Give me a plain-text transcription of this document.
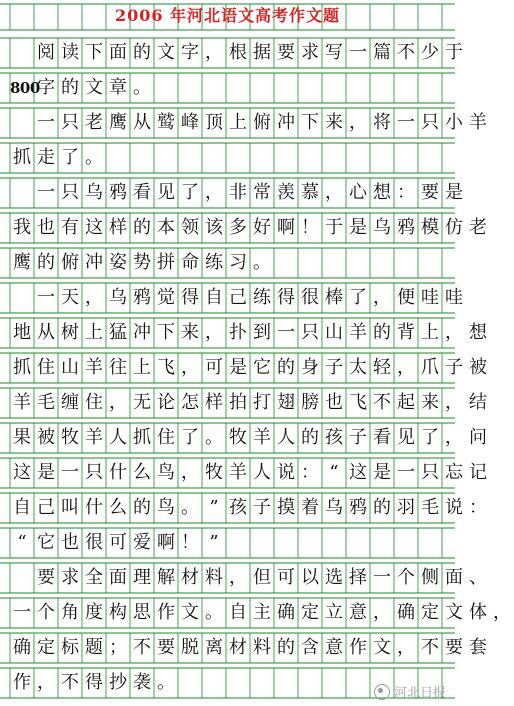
2006 年河北语文高考作文题
阅 读 下 面 的 文 字 ， 根 据 要 求 写 一 篇 不 少 于
800
字 的 文 章 。
一 只 老 鹰 从 鹫 峰 顶 上 俯 冲 下 来 ， 将 一 只 小 羊
抓 走 了 。
一 只 乌 鸦 看 见 了 ， 非 常 羡 慕 ， 心 想 ： 要 是
我 也 有 这 样 的 本 领 该 多 好 啊 ！ 于 是 乌 鸦 模 仿 老
鹰 的 俯 冲 姿 势 拼 命 练 习 。
一 天 ， 乌 鸦 觉 得 自 己 练 得 很 棒 了 ， 便 哇 哇
地 从 树 上 猛 冲 下 来 ， 扑 到 一 只 山 羊 的 背 上 ， 想
抓 住 山 羊 往 上 飞 ， 可 是 它 的 身 子 太 轻 ， 爪 子 被
羊 毛 缠 住 ， 无 论 怎 样 拍 打 翅 膀 也 飞 不 起 来 ， 结
果 被 牧 羊 人 抓 住 了 。 牧 羊 人 的 孩 子 看 见 了 ， 问
这 是 一 只 什 么 鸟 ， 牧 羊 人 说 ： “ 这 是 一 只 忘 记
自 己 叫 什 么 的 鸟 。 ” 孩 子 摸 着 乌 鸦 的 羽 毛 说 ：
“ 它 也 很 可 爱 啊 ！ ”
要 求 全 面 理 解 材 料 ， 但 可 以 选 择 一 个 侧 面 、
一 个 角 度 构 思 作 文 。 自 主 确 定 立 意 ， 确 定 文 体 ，
确 定 标 题 ； 不 要 脱 离 材 料 的 含 意 作 文 ， 不 要 套
作 ， 不 得 抄 袭 。
河北日报
